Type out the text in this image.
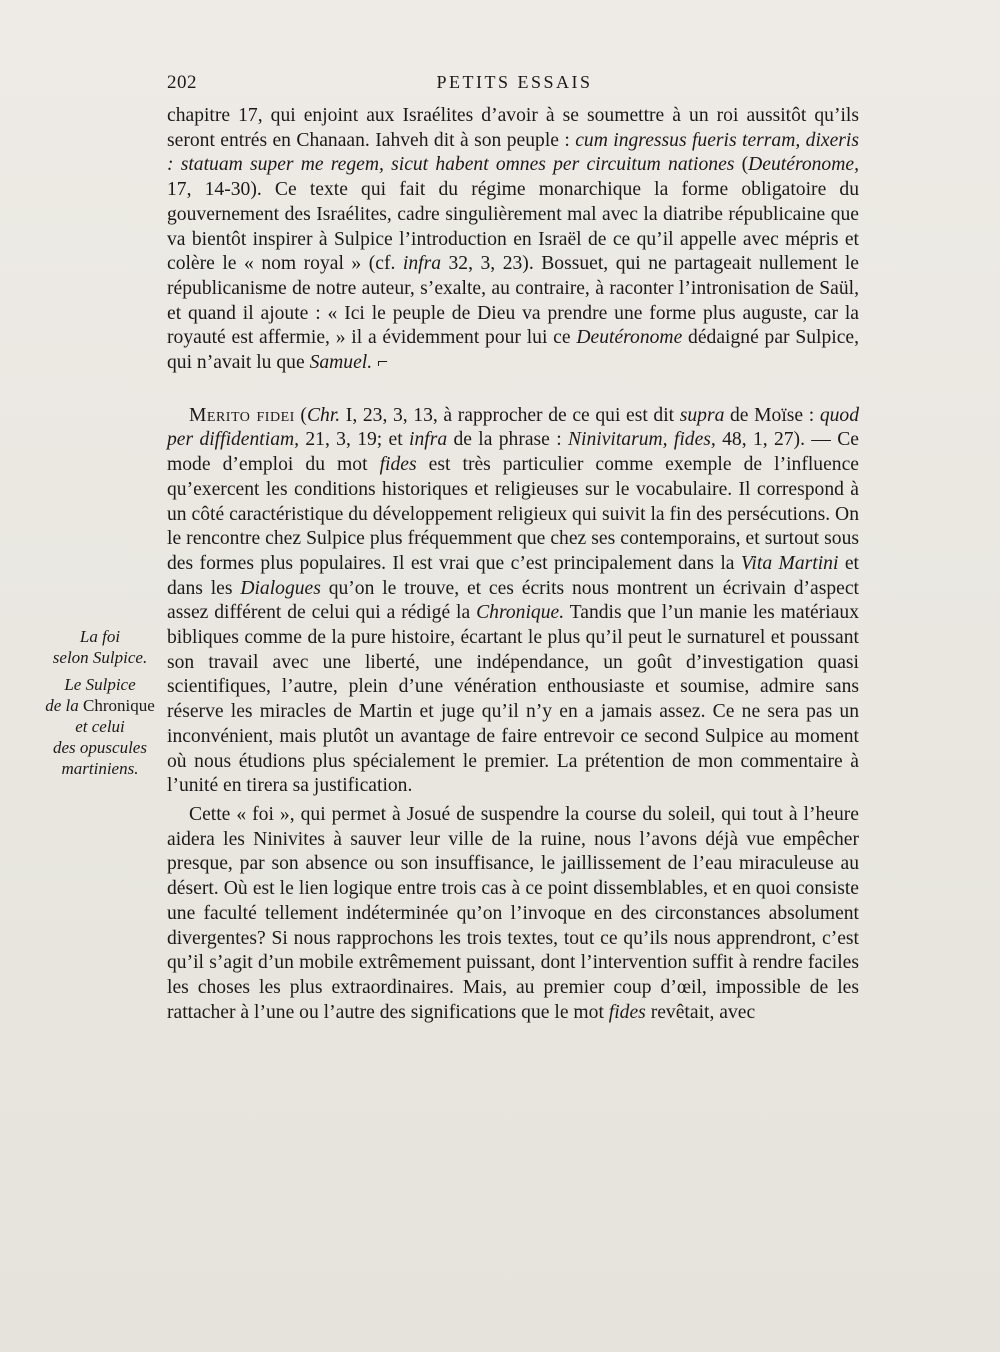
202	PETITS ESSAIS

chapitre 17, qui enjoint aux Israélites d’avoir à se soumettre à un roi aussitôt qu’ils seront entrés en Chanaan. Iahveh dit à son peuple : cum ingressus fueris terram, dixeris : statuam super me regem, sicut habent omnes per circuitum nationes (Deutéronome, 17, 14-30). Ce texte qui fait du régime monarchique la forme obligatoire du gouvernement des Israélites, cadre singulièrement mal avec la diatribe républicaine que va bientôt inspirer à Sulpice l’introduction en Israël de ce qu’il appelle avec mépris et colère le « nom royal » (cf. infra 32, 3, 23). Bossuet, qui ne partageait nullement le républicanisme de notre auteur, s’exalte, au contraire, à raconter l’intronisation de Saül, et quand il ajoute : « Ici le peuple de Dieu va prendre une forme plus auguste, car la royauté est affermie, » il a évidemment pour lui ce Deutéronome dédaigné par Sulpice, qui n’avait lu que Samuel. ⌐

Merito fidei (Chr. I, 23, 3, 13, à rapprocher de ce qui est dit supra de Moïse : quod per diffidentiam, 21, 3, 19; et infra de la phrase : Ninivitarum, fides, 48, 1, 27). — Ce mode d’emploi du mot fides est très particulier comme exemple de l’influence qu’exercent les conditions historiques et religieuses sur le vocabulaire. Il correspond à un côté caractéristique du développement religieux qui suivit la fin des persécutions. On le rencontre chez Sulpice plus fréquemment que chez ses contemporains, et surtout sous des formes plus populaires. Il est vrai que c’est principalement dans la Vita Martini et dans les Dialogues qu’on le trouve, et ces écrits nous montrent un écrivain d’aspect assez différent de celui qui a rédigé la Chronique. Tandis que l’un manie les matériaux bibliques comme de la pure histoire, écartant le plus qu’il peut le surnaturel et poussant son travail avec une liberté, une indépendance, un goût d’investigation quasi scientifiques, l’autre, plein d’une vénération enthousiaste et soumise, admire sans réserve les miracles de Martin et juge qu’il n’y en a jamais assez. Ce ne sera pas un inconvénient, mais plutôt un avantage de faire entrevoir ce second Sulpice au moment où nous étudions plus spécialement le premier. La prétention de mon commentaire à l’unité en tirera sa justification.

Cette « foi », qui permet à Josué de suspendre la course du soleil, qui tout à l’heure aidera les Ninivites à sauver leur ville de la ruine, nous l’avons déjà vue empêcher presque, par son absence ou son insuffisance, le jaillissement de l’eau miraculeuse au désert. Où est le lien logique entre trois cas à ce point dissemblables, et en quoi consiste une faculté tellement indéterminée qu’on l’invoque en des circonstances absolument divergentes? Si nous rapprochons les trois textes, tout ce qu’ils nous apprendront, c’est qu’il s’agit d’un mobile extrêmement puissant, dont l’intervention suffit à rendre faciles les choses les plus extraordinaires. Mais, au premier coup d’œil, impossible de les rattacher à l’une ou l’autre des significations que le mot fides revêtait, avec

La foi
selon Sulpice.
Le Sulpice
de la Chronique
et celui
des opuscules
martiniens.
